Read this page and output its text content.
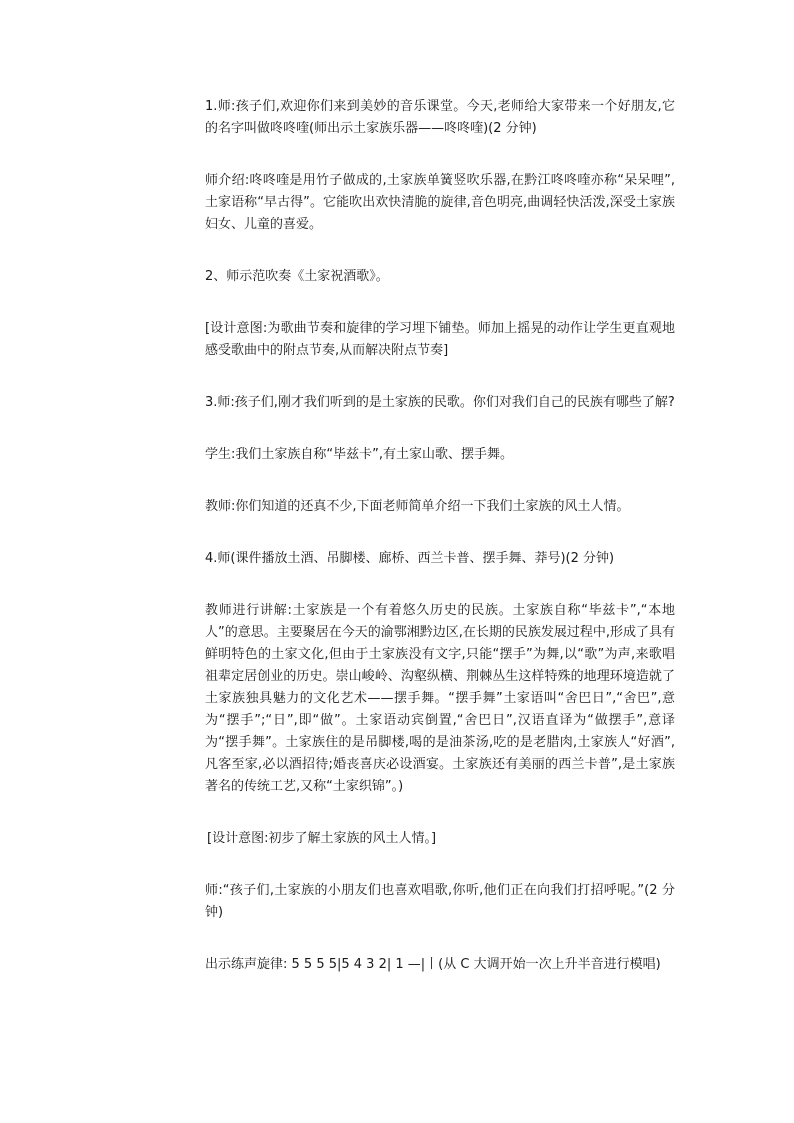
1.师:孩子们,欢迎你们来到美妙的音乐课堂。今天,老师给大家带来一个好朋友,它的名字叫做咚咚喹(师出示土家族乐器——咚咚喹)(2 分钟)

师介绍:咚咚喹是用竹子做成的,土家族单簧竖吹乐器,在黔江咚咚喹亦称“呆呆哩”,土家语称“早古得”。它能吹出欢快清脆的旋律,音色明亮,曲调轻快活泼,深受土家族妇女、儿童的喜爱。

2、师示范吹奏《土家祝酒歌》。

[设计意图:为歌曲节奏和旋律的学习埋下铺垫。师加上摇晃的动作让学生更直观地感受歌曲中的附点节奏,从而解决附点节奏]

3.师:孩子们,刚才我们听到的是土家族的民歌。你们对我们自己的民族有哪些了解?

学生:我们土家族自称“毕兹卡”,有土家山歌、摆手舞。

教师:你们知道的还真不少,下面老师简单介绍一下我们土家族的风土人情。

4.师(课件播放土酒、吊脚楼、廊桥、西兰卡普、摆手舞、莽号)(2 分钟)

教师进行讲解:土家族是一个有着悠久历史的民族。土家族自称“毕兹卡”,“本地人”的意思。主要聚居在今天的渝鄂湘黔边区,在长期的民族发展过程中,形成了具有鲜明特色的土家文化,但由于土家族没有文字,只能“摆手”为舞,以“歌”为声,来歌唱祖辈定居创业的历史。崇山峻岭、沟壑纵横、荆棘丛生这样特殊的地理环境造就了土家族独具魅力的文化艺术——摆手舞。“摆手舞”土家语叫“舍巴日”,“舍巴”,意为“摆手”;“日”,即“做”。土家语动宾倒置,“舍巴日”,汉语直译为“做摆手”,意译为“摆手舞”。土家族住的是吊脚楼,喝的是油茶汤,吃的是老腊肉,土家族人“好酒”,凡客至家,必以酒招待;婚丧喜庆必设酒宴。土家族还有美丽的西兰卡普”,是土家族著名的传统工艺,又称“土家织锦”。)

[设计意图:初步了解土家族的风土人情。]

师:“孩子们,土家族的小朋友们也喜欢唱歌,你听,他们正在向我们打招呼呢。”(2 分钟)

出示练声旋律: 5 5 5 5|5 4 3 2| 1 —|丨(从 C 大调开始一次上升半音进行模唱)
